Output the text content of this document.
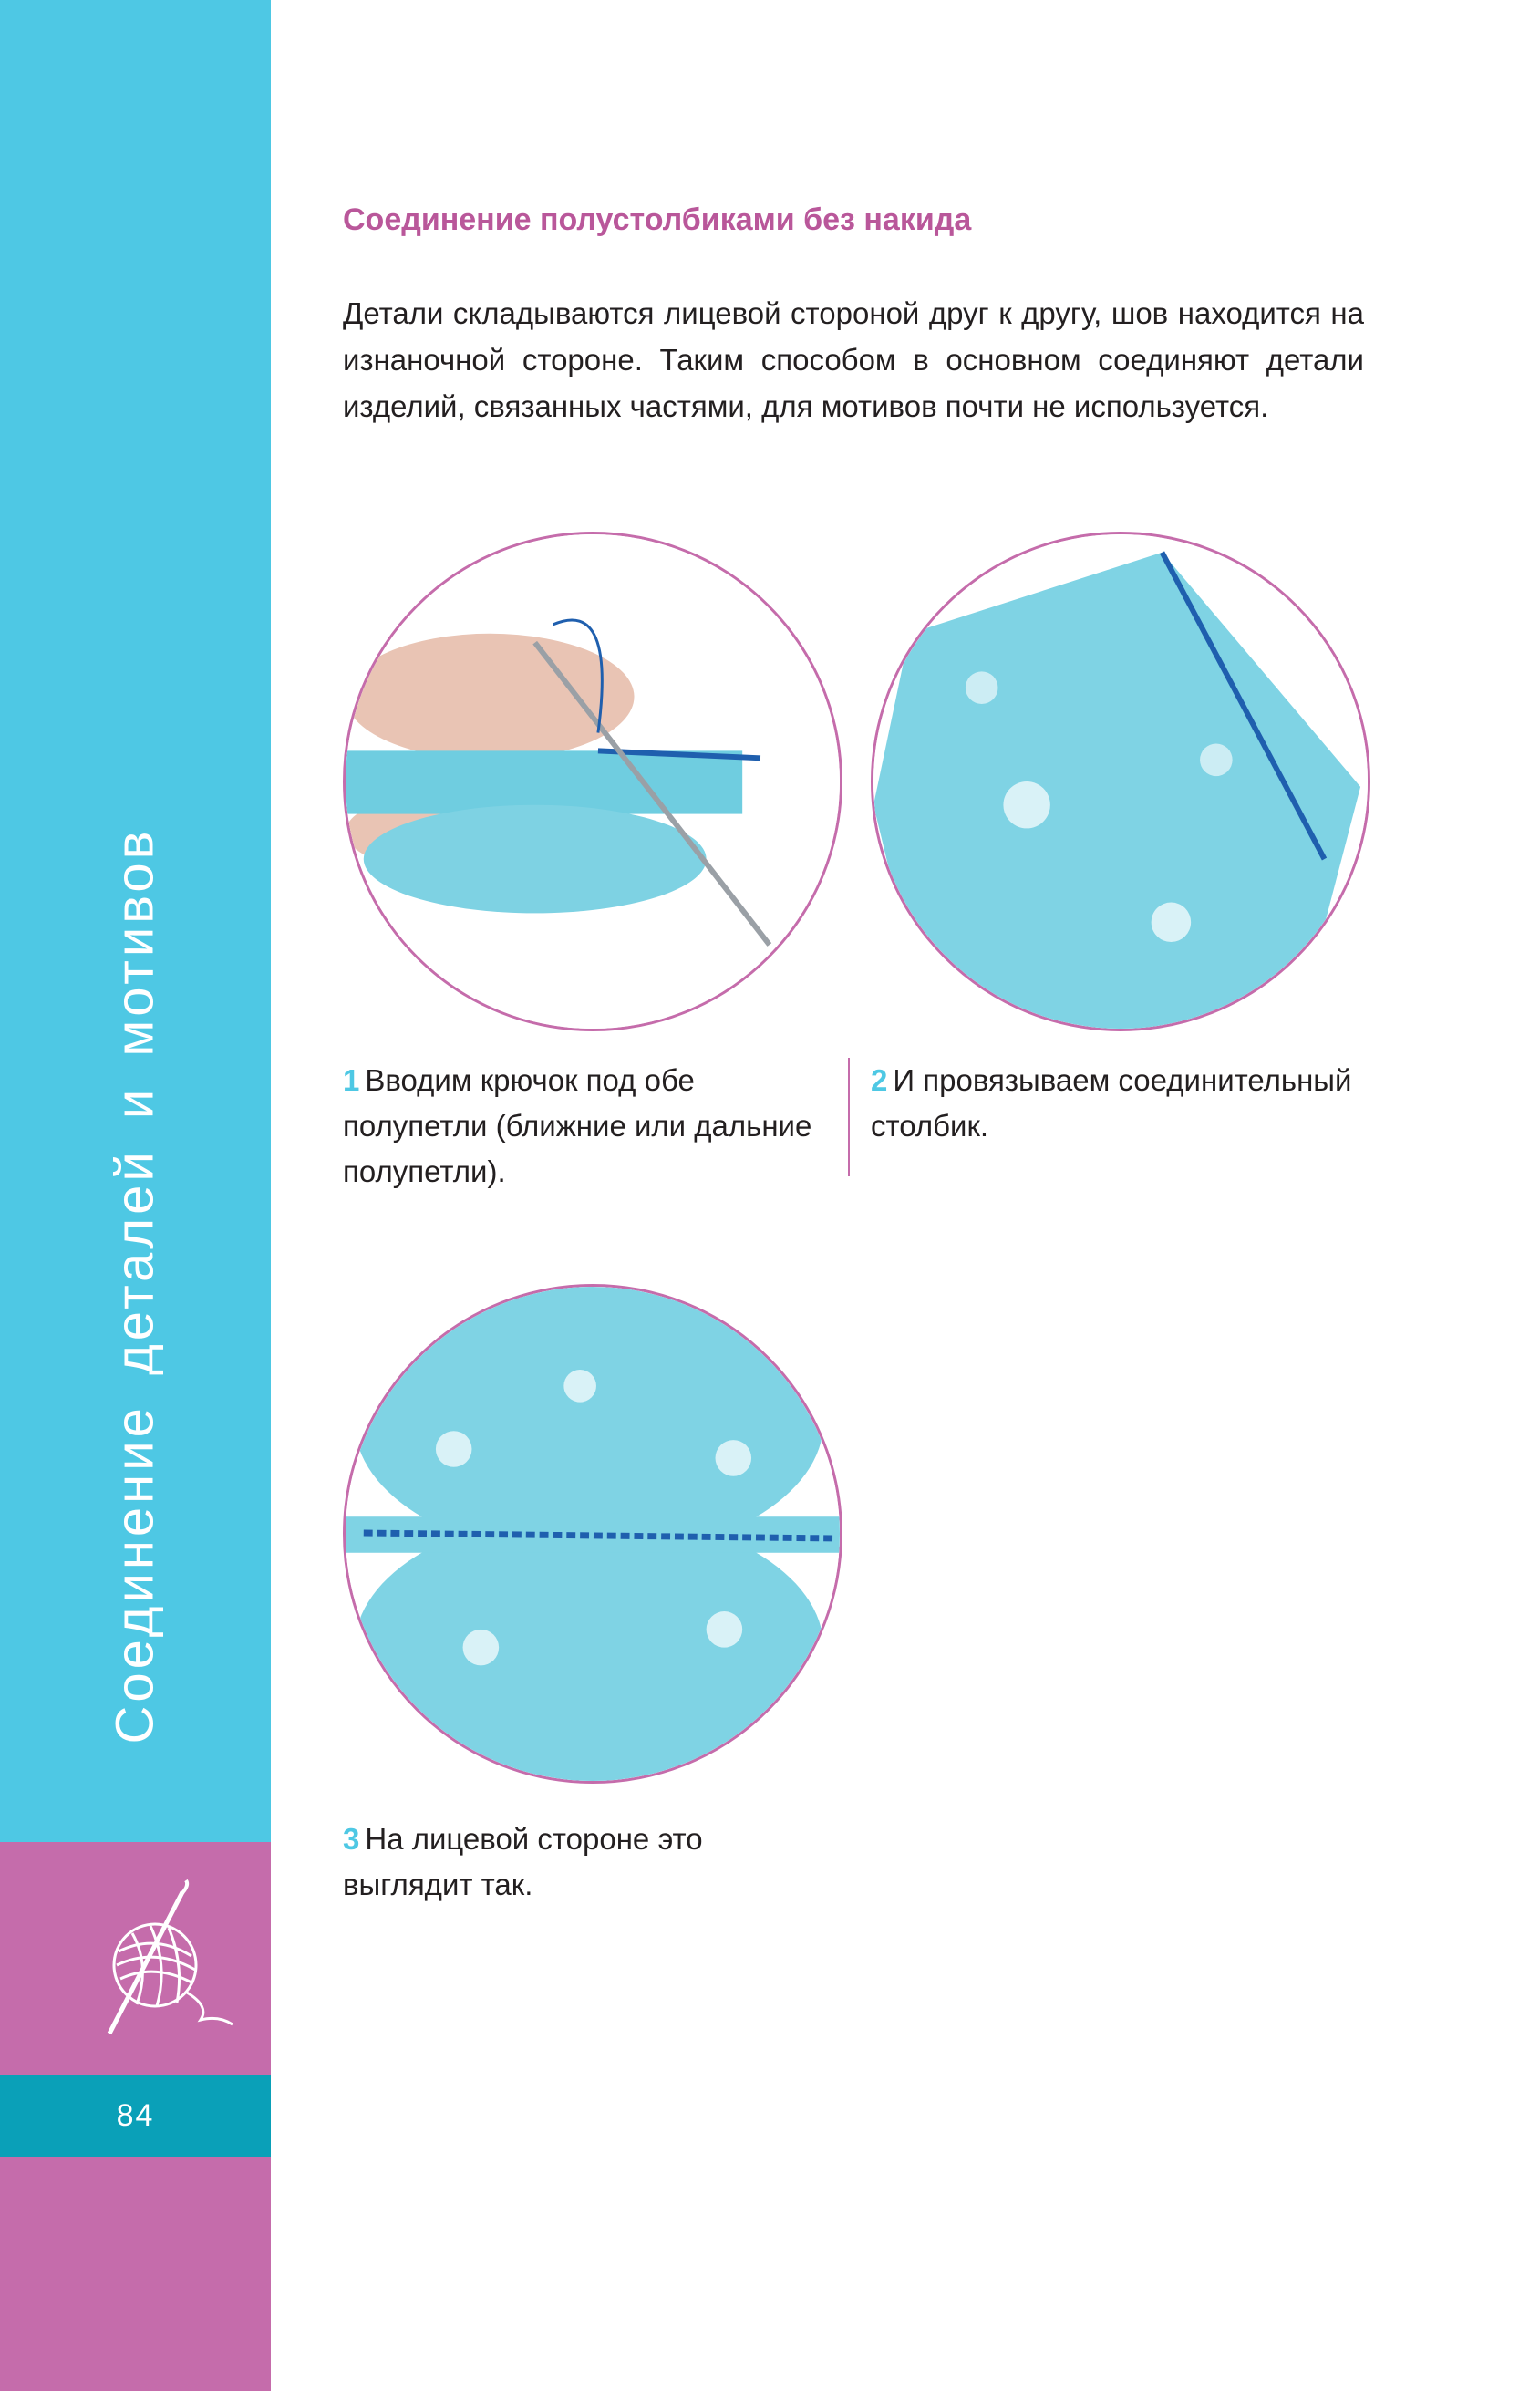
Соединение деталей и мотивов
84
Соединение полустолбиками без накида
Детали складываются лицевой стороной друг к другу, шов находится на изнаночной стороне. Таким способом в основном соединяют детали изделий, связанных частями, для мотивов почти не используется.
1 Вводим крючок под обе полупетли (ближние или дальние полупетли).
2 И провязываем соединительный столбик.
3 На лицевой стороне это выглядит так.
